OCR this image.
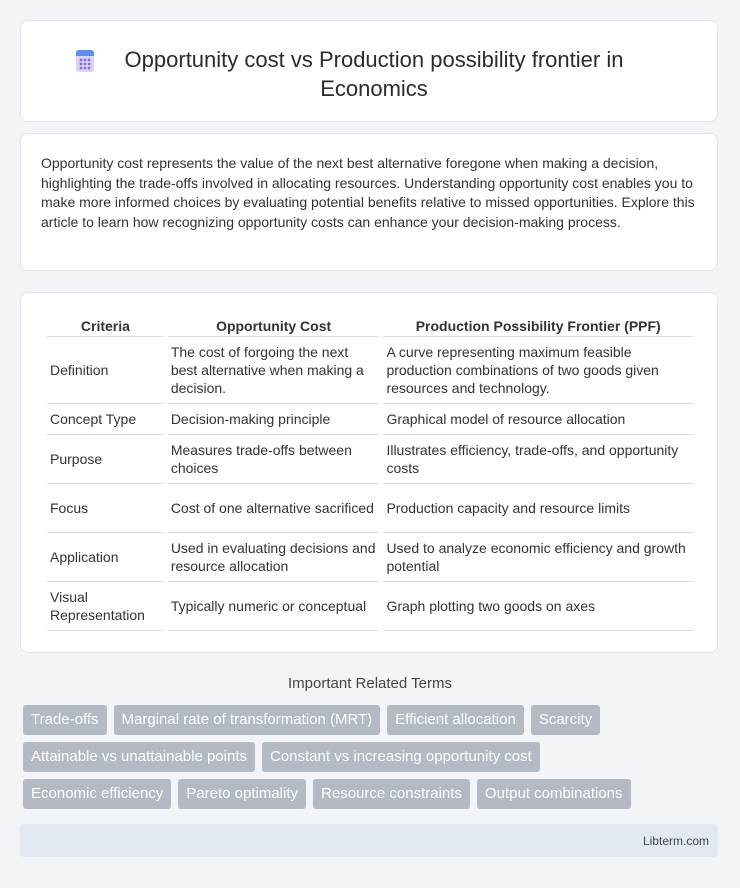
Opportunity cost vs Production possibility frontier in Economics
Opportunity cost represents the value of the next best alternative foregone when making a decision, highlighting the trade-offs involved in allocating resources. Understanding opportunity cost enables you to make more informed choices by evaluating potential benefits relative to missed opportunities. Explore this article to learn how recognizing opportunity costs can enhance your decision-making process.
Criteria	Opportunity Cost	Production Possibility Frontier (PPF)
Definition	The cost of forgoing the next best alternative when making a decision.	A curve representing maximum feasible production combinations of two goods given resources and technology.
Concept Type	Decision-making principle	Graphical model of resource allocation
Purpose	Measures trade-offs between choices	Illustrates efficiency, trade-offs, and opportunity costs
Focus	Cost of one alternative sacrificed	Production capacity and resource limits
Application	Used in evaluating decisions and resource allocation	Used to analyze economic efficiency and growth potential
Visual Representation	Typically numeric or conceptual	Graph plotting two goods on axes
Important Related Terms
Trade-offs	Marginal rate of transformation (MRT)	Efficient allocation	Scarcity
Attainable vs unattainable points	Constant vs increasing opportunity cost
Economic efficiency	Pareto optimality	Resource constraints	Output combinations
Libterm.com
